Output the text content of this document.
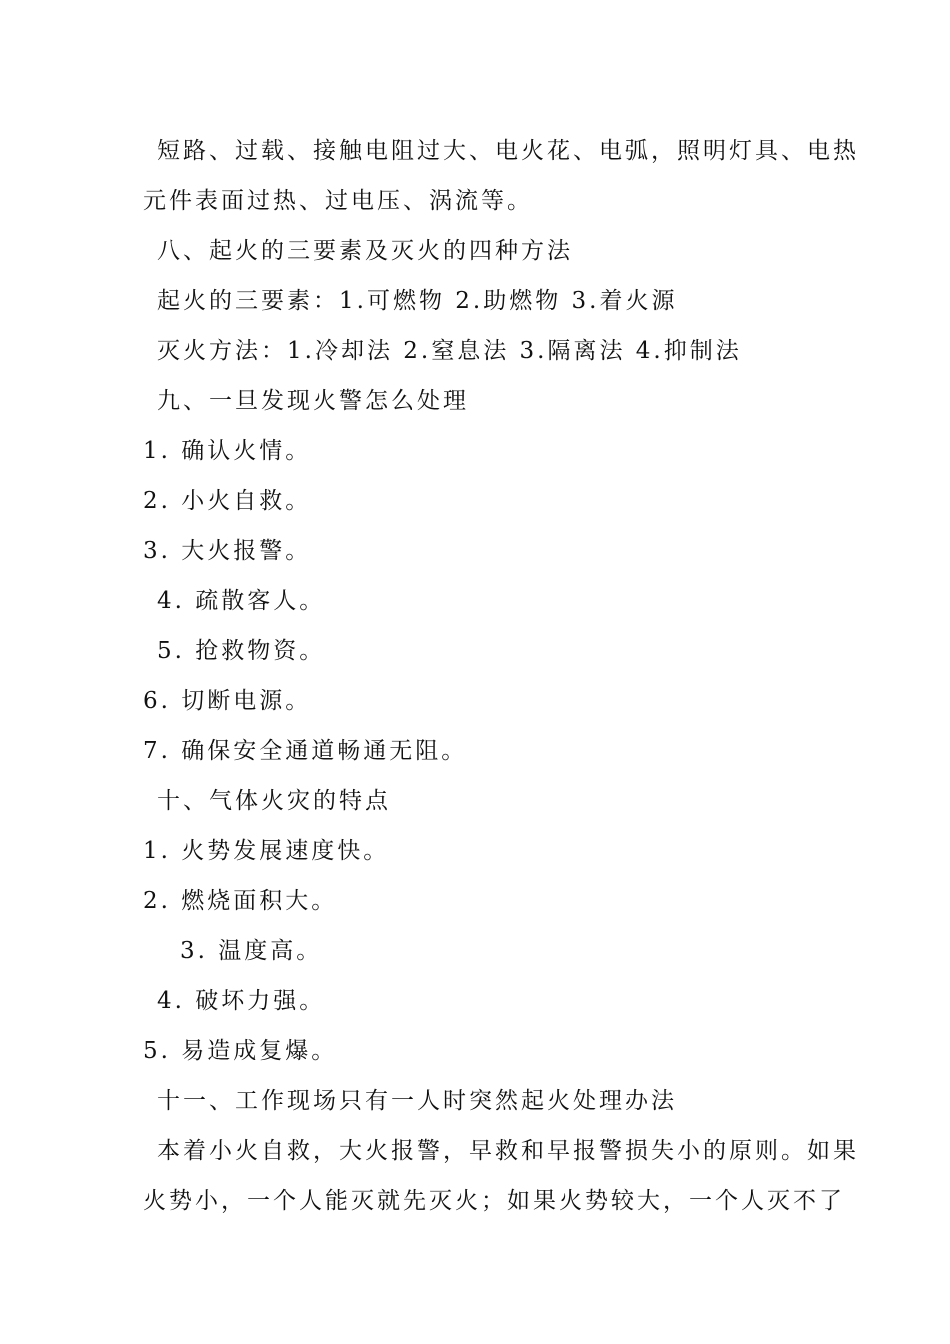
短路、过载、接触电阻过大、电火花、电弧，照明灯具、电热
元件表面过热、过电压、涡流等。
八、起火的三要素及灭火的四种方法
起火的三要素：1.可燃物 2.助燃物 3.着火源
灭火方法：1.冷却法 2.窒息法 3.隔离法 4.抑制法
九、一旦发现火警怎么处理
1. 确认火情。
2. 小火自救。
3. 大火报警。
4. 疏散客人。
5. 抢救物资。
6. 切断电源。
7. 确保安全通道畅通无阻。
十、气体火灾的特点
1. 火势发展速度快。
2. 燃烧面积大。
3. 温度高。
4. 破坏力强。
5. 易造成复爆。
十一、工作现场只有一人时突然起火处理办法
本着小火自救，大火报警，早救和早报警损失小的原则。如果
火势小，一个人能灭就先灭火；如果火势较大，一个人灭不了
